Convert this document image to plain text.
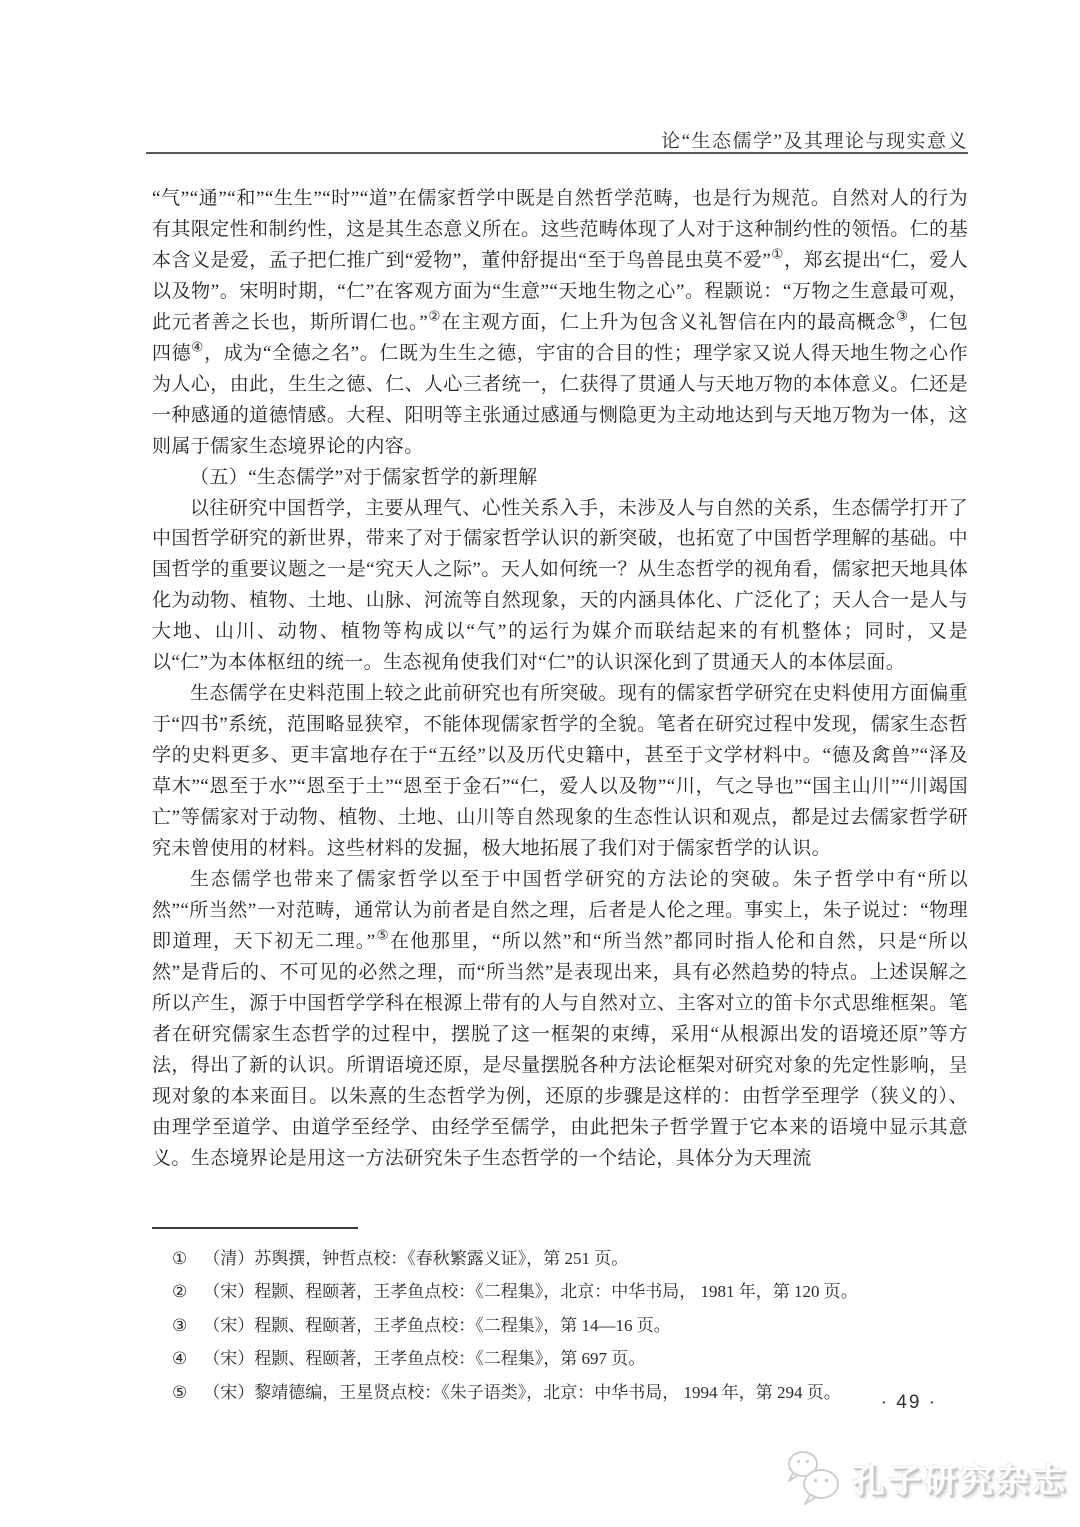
论“生态儒学”及其理论与现实意义

“气”“通”“和”“生生”“时”“道”在儒家哲学中既是自然哲学范畴，也是行为规范。自然对人的行为有其限定性和制约性，这是其生态意义所在。这些范畴体现了人对于这种制约性的领悟。仁的基本含义是爱，孟子把仁推广到“爱物”，董仲舒提出“至于鸟兽昆虫莫不爱”①，郑玄提出“仁，爱人以及物”。宋明时期，“仁”在客观方面为“生意”“天地生物之心”。程颢说：“万物之生意最可观，此元者善之长也，斯所谓仁也。”②在主观方面，仁上升为包含义礼智信在内的最高概念③，仁包四德④，成为“全德之名”。仁既为生生之德，宇宙的合目的性；理学家又说人得天地生物之心作为人心，由此，生生之德、仁、人心三者统一，仁获得了贯通人与天地万物的本体意义。仁还是一种感通的道德情感。大程、阳明等主张通过感通与恻隐更为主动地达到与天地万物为一体，这则属于儒家生态境界论的内容。

（五）“生态儒学”对于儒家哲学的新理解

以往研究中国哲学，主要从理气、心性关系入手，未涉及人与自然的关系，生态儒学打开了中国哲学研究的新世界，带来了对于儒家哲学认识的新突破，也拓宽了中国哲学理解的基础。中国哲学的重要议题之一是“究天人之际”。天人如何统一？从生态哲学的视角看，儒家把天地具体化为动物、植物、土地、山脉、河流等自然现象，天的内涵具体化、广泛化了；天人合一是人与大地、山川、动物、植物等构成以“气”的运行为媒介而联结起来的有机整体；同时，又是以“仁”为本体枢纽的统一。生态视角使我们对“仁”的认识深化到了贯通天人的本体层面。

生态儒学在史料范围上较之此前研究也有所突破。现有的儒家哲学研究在史料使用方面偏重于“四书”系统，范围略显狭窄，不能体现儒家哲学的全貌。笔者在研究过程中发现，儒家生态哲学的史料更多、更丰富地存在于“五经”以及历代史籍中，甚至于文学材料中。“德及禽兽”“泽及草木”“恩至于水”“恩至于土”“恩至于金石”“仁，爱人以及物”“川，气之导也”“国主山川”“川竭国亡”等儒家对于动物、植物、土地、山川等自然现象的生态性认识和观点，都是过去儒家哲学研究未曾使用的材料。这些材料的发掘，极大地拓展了我们对于儒家哲学的认识。

生态儒学也带来了儒家哲学以至于中国哲学研究的方法论的突破。朱子哲学中有“所以然”“所当然”一对范畴，通常认为前者是自然之理，后者是人伦之理。事实上，朱子说过：“物理即道理，天下初无二理。”⑤在他那里，“所以然”和“所当然”都同时指人伦和自然，只是“所以然”是背后的、不可见的必然之理，而“所当然”是表现出来，具有必然趋势的特点。上述误解之所以产生，源于中国哲学学科在根源上带有的人与自然对立、主客对立的笛卡尔式思维框架。笔者在研究儒家生态哲学的过程中，摆脱了这一框架的束缚，采用“从根源出发的语境还原”等方法，得出了新的认识。所谓语境还原，是尽量摆脱各种方法论框架对研究对象的先定性影响，呈现对象的本来面目。以朱熹的生态哲学为例，还原的步骤是这样的：由哲学至理学（狭义的）、由理学至道学、由道学至经学、由经学至儒学，由此把朱子哲学置于它本来的语境中显示其意义。生态境界论是用这一方法研究朱子生态哲学的一个结论，具体分为天理流

① （清）苏舆撰，钟哲点校：《春秋繁露义证》，第 251 页。
② （宋）程颢、程颐著，王孝鱼点校：《二程集》，北京：中华书局， 1981 年，第 120 页。
③ （宋）程颢、程颐著，王孝鱼点校：《二程集》，第 14—16 页。
④ （宋）程颢、程颐著，王孝鱼点校：《二程集》，第 697 页。
⑤ （宋）黎靖德编，王星贤点校：《朱子语类》，北京：中华书局， 1994 年，第 294 页。	· 49 ·
孔子研究杂志
